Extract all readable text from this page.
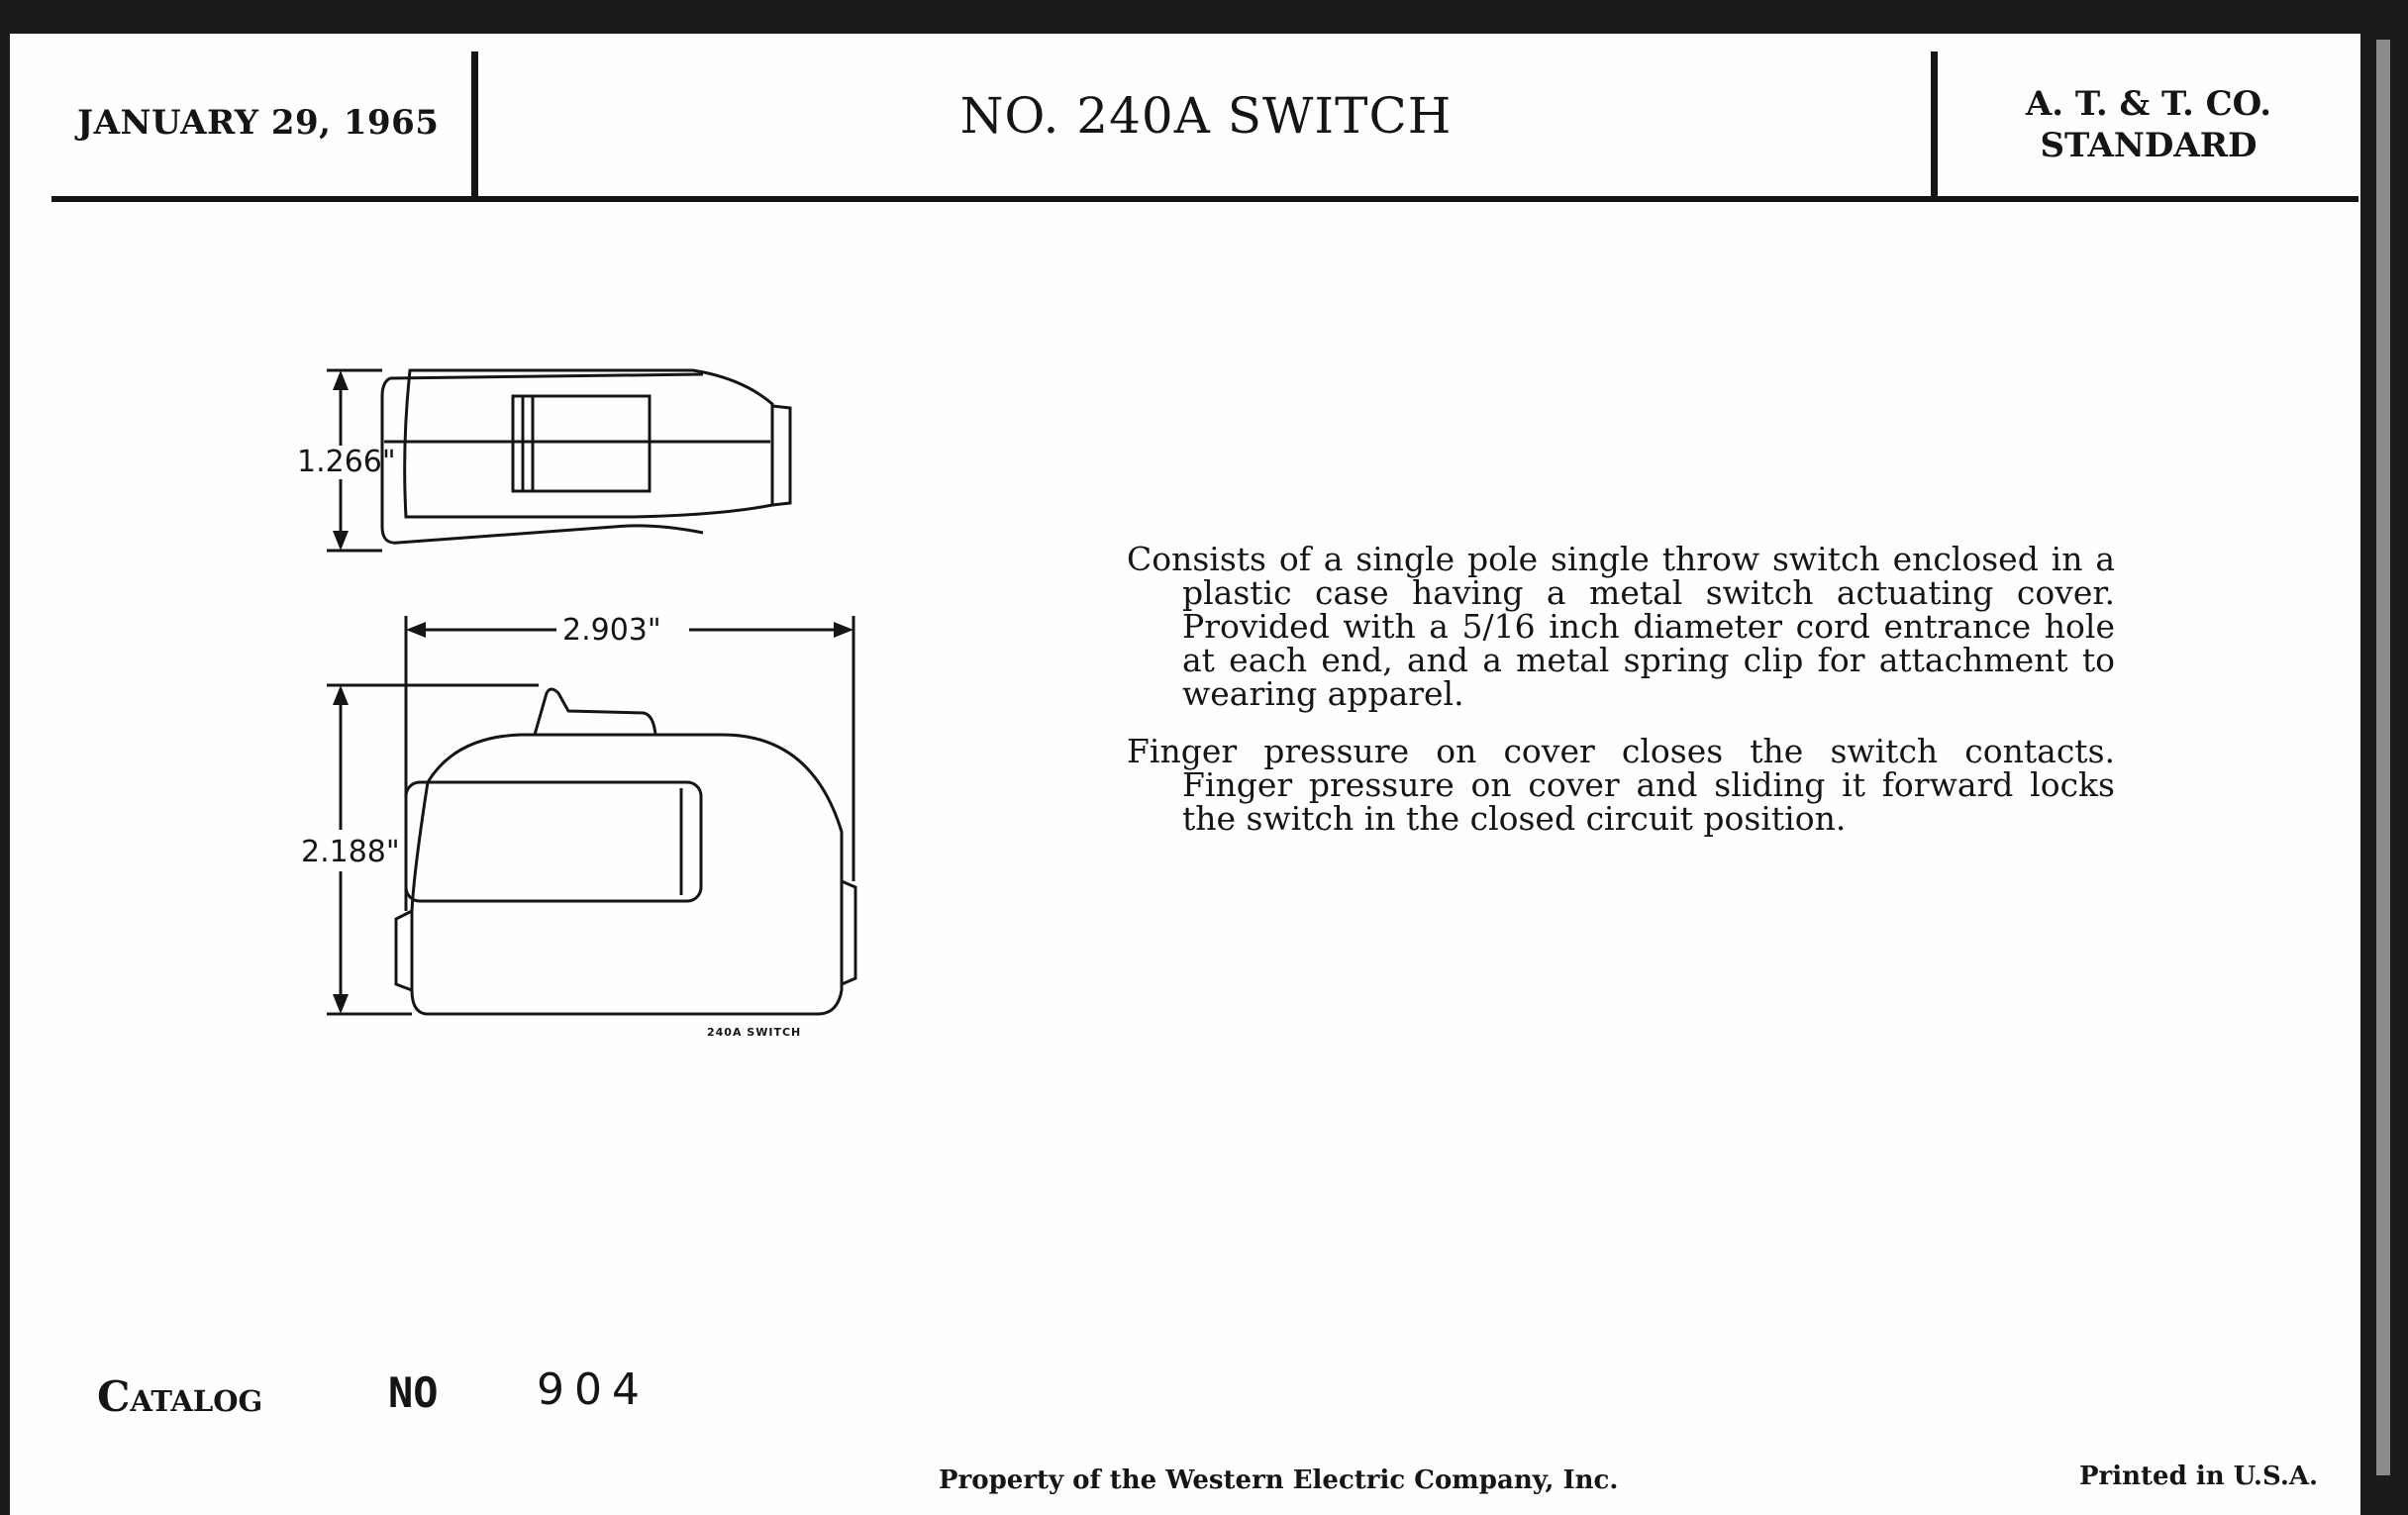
JANUARY 29, 1965	NO. 240A SWITCH	A. T. & T. CO.
STANDARD
1.266"
2.903"
2.188"
240A SWITCH

Consists of a single pole single throw switch enclosed in a plastic case having a metal switch actuating cover. Provided with a 5/16 inch diameter cord entrance hole at each end, and a metal spring clip for attachment to wearing apparel.

Finger pressure on cover closes the switch contacts. Finger pressure on cover and sliding it forward locks the switch in the closed circuit position.

Catalog	NO 904
Property of the Western Electric Company, Inc.	Printed in U.S.A.
